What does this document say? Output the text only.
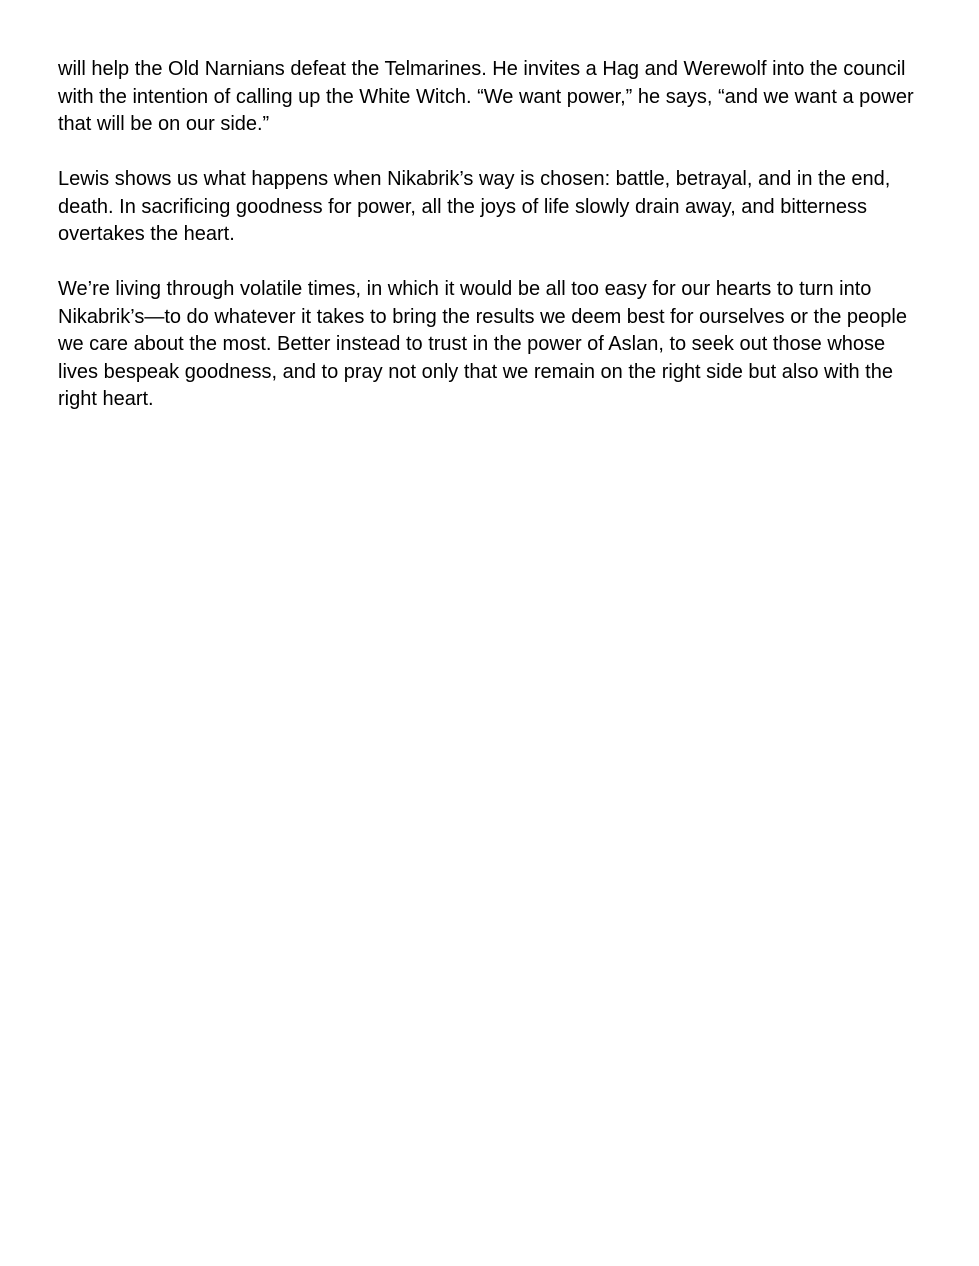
will help the Old Narnians defeat the Telmarines. He invites a Hag and Werewolf into the council with the intention of calling up the White Witch. “We want power,” he says, “and we want a power that will be on our side.”

Lewis shows us what happens when Nikabrik’s way is chosen: battle, betrayal, and in the end, death. In sacrificing goodness for power, all the joys of life slowly drain away, and bitterness overtakes the heart.

We’re living through volatile times, in which it would be all too easy for our hearts to turn into Nikabrik’s—to do whatever it takes to bring the results we deem best for ourselves or the people we care about the most. Better instead to trust in the power of Aslan, to seek out those whose lives bespeak goodness, and to pray not only that we remain on the right side but also with the right heart.
